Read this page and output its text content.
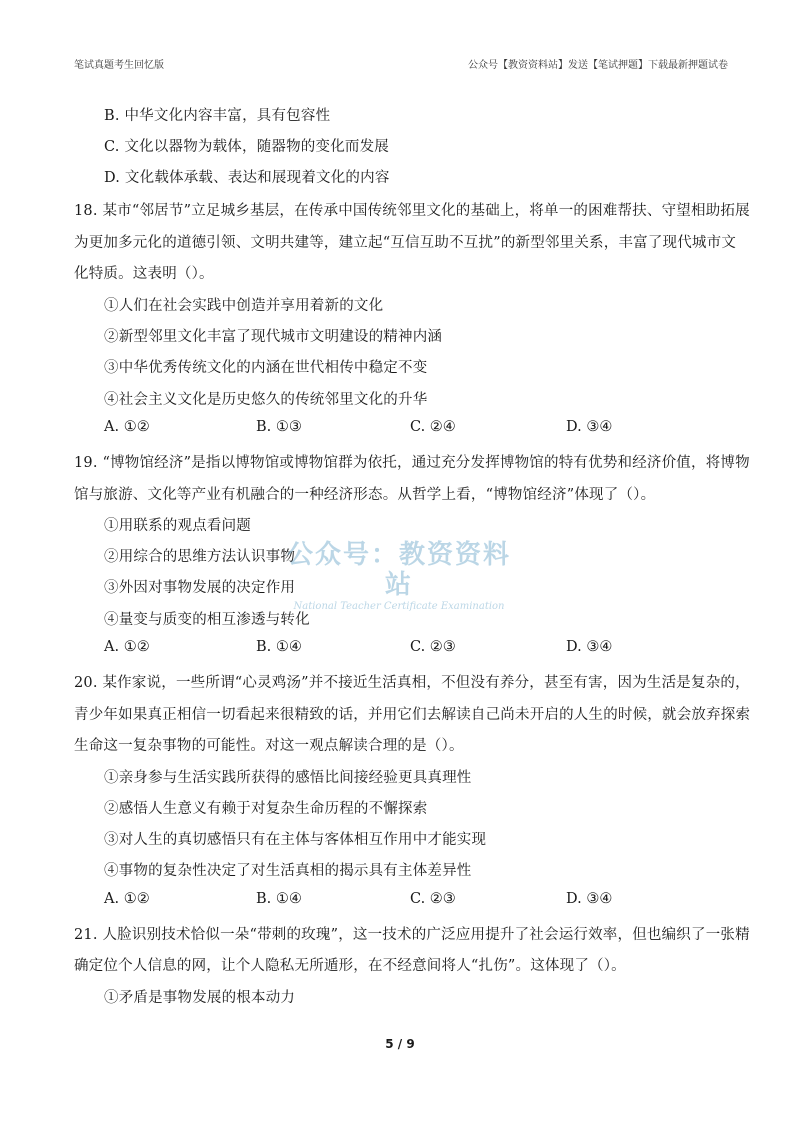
笔试真题考生回忆版	公众号【教资资料站】发送【笔试押题】下载最新押题试卷
B. 中华文化内容丰富，具有包容性
C. 文化以器物为载体，随器物的变化而发展
D. 文化载体承载、表达和展现着文化的内容
18. 某市“邻居节”立足城乡基层，在传承中国传统邻里文化的基础上，将单一的困难帮扶、守望相助拓展
为更加多元化的道德引领、文明共建等，建立起“互信互助不互扰”的新型邻里关系，丰富了现代城市文
化特质。这表明（）。
①人们在社会实践中创造并享用着新的文化
②新型邻里文化丰富了现代城市文明建设的精神内涵
③中华优秀传统文化的内涵在世代相传中稳定不变
④社会主义文化是历史悠久的传统邻里文化的升华
A. ①②	B. ①③	C. ②④	D. ③④
19. “博物馆经济”是指以博物馆或博物馆群为依托，通过充分发挥博物馆的特有优势和经济价值，将博物
馆与旅游、文化等产业有机融合的一种经济形态。从哲学上看，“博物馆经济”体现了（）。
①用联系的观点看问题
②用综合的思维方法认识事物
③外因对事物发展的决定作用
④量变与质变的相互渗透与转化
A. ①②	B. ①④	C. ②③	D. ③④
20. 某作家说，一些所谓“心灵鸡汤”并不接近生活真相，不但没有养分，甚至有害，因为生活是复杂的，
青少年如果真正相信一切看起来很精致的话，并用它们去解读自己尚未开启的人生的时候，就会放弃探索
生命这一复杂事物的可能性。对这一观点解读合理的是（）。
①亲身参与生活实践所获得的感悟比间接经验更具真理性
②感悟人生意义有赖于对复杂生命历程的不懈探索
③对人生的真切感悟只有在主体与客体相互作用中才能实现
④事物的复杂性决定了对生活真相的揭示具有主体差异性
A. ①②	B. ①④	C. ②③	D. ③④
21. 人脸识别技术恰似一朵“带刺的玫瑰”，这一技术的广泛应用提升了社会运行效率，但也编织了一张精
确定位个人信息的网，让个人隐私无所遁形，在不经意间将人“扎伤”。这体现了（）。
①矛盾是事物发展的根本动力
公众号：教资资料站
National Teacher Certificate Examination
5 / 9
